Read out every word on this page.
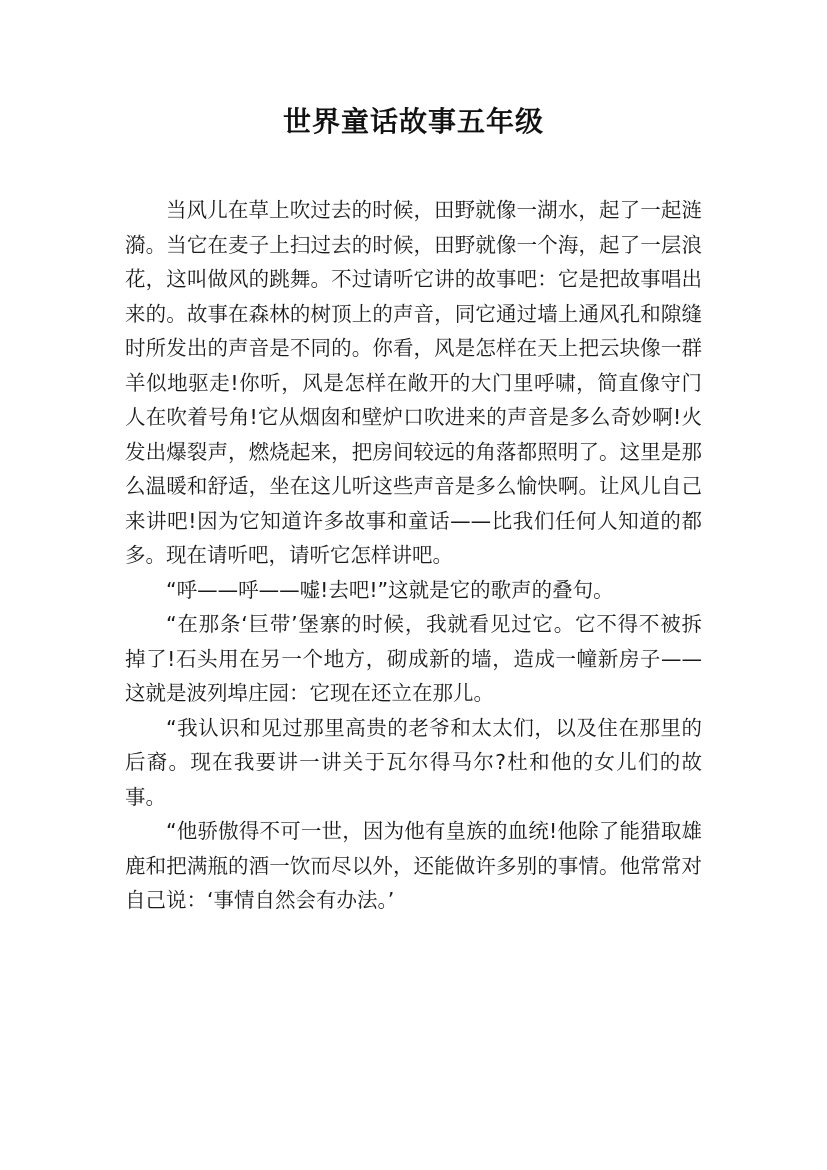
世界童话故事五年级

当风儿在草上吹过去的时候，田野就像一湖水，起了一起涟漪。当它在麦子上扫过去的时候，田野就像一个海，起了一层浪花，这叫做风的跳舞。不过请听它讲的故事吧：它是把故事唱出来的。故事在森林的树顶上的声音，同它通过墙上通风孔和隙缝时所发出的声音是不同的。你看，风是怎样在天上把云块像一群羊似地驱走!你听，风是怎样在敞开的大门里呼啸，简直像守门人在吹着号角!它从烟囱和壁炉口吹进来的声音是多么奇妙啊!火发出爆裂声，燃烧起来，把房间较远的角落都照明了。这里是那么温暖和舒适，坐在这儿听这些声音是多么愉快啊。让风儿自己来讲吧!因为它知道许多故事和童话——比我们任何人知道的都多。现在请听吧，请听它怎样讲吧。

“呼——呼——嘘!去吧!”这就是它的歌声的叠句。

“在那条‘巨带’堡寨的时候，我就看见过它。它不得不被拆掉了!石头用在另一个地方，砌成新的墙，造成一幢新房子——这就是波列埠庄园：它现在还立在那儿。

“我认识和见过那里高贵的老爷和太太们，以及住在那里的后裔。现在我要讲一讲关于瓦尔得马尔?杜和他的女儿们的故事。

“他骄傲得不可一世，因为他有皇族的血统!他除了能猎取雄鹿和把满瓶的酒一饮而尽以外，还能做许多别的事情。他常常对自己说：‘事情自然会有办法。’
